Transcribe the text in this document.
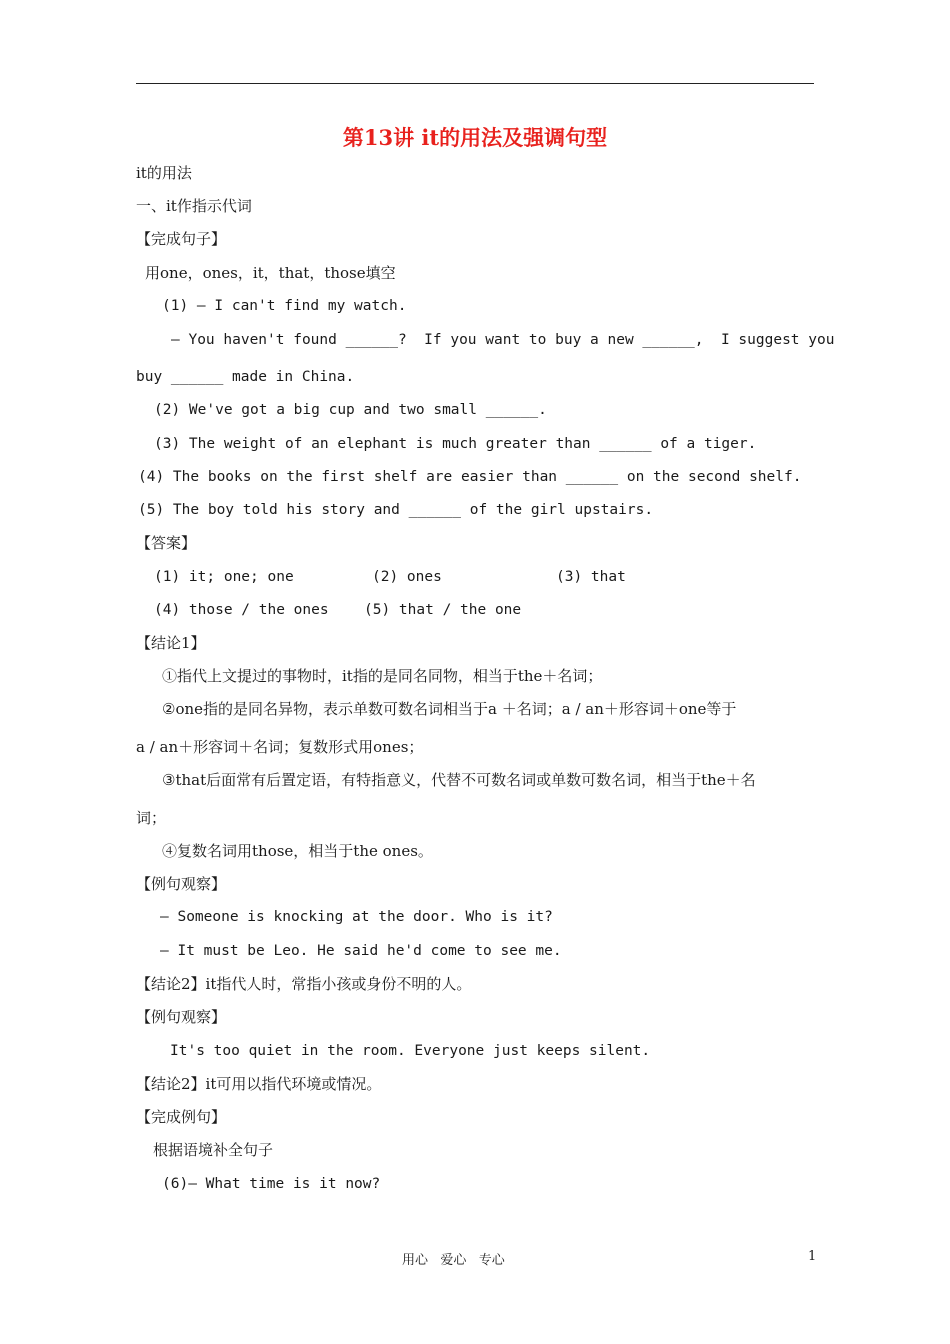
第13讲 it的用法及强调句型
it的用法
一、it作指示代词
【完成句子】
用one，ones，it，that，those填空
(1) — I can't find my watch.
— You haven't found ______?  If you want to buy a new ______,  I suggest you
buy ______ made in China.
(2) We've got a big cup and two small ______.
(3) The weight of an elephant is much greater than ______ of a tiger.
(4) The books on the first shelf are easier than ______ on the second shelf.
(5) The boy told his story and ______ of the girl upstairs.
【答案】
(1) it; one; one	(2) ones	(3) that
(4) those / the ones (5) that / the one
【结论1】
①指代上文提过的事物时，it指的是同名同物，相当于the＋名词；
②one指的是同名异物，表示单数可数名词相当于a ＋名词；a / an＋形容词＋one等于
a / an＋形容词＋名词；复数形式用ones；
③that后面常有后置定语，有特指意义，代替不可数名词或单数可数名词，相当于the＋名
词；
④复数名词用those，相当于the ones。
【例句观察】
— Someone is knocking at the door. Who is it?
— It must be Leo. He said he'd come to see me.
【结论2】it指代人时，常指小孩或身份不明的人。
【例句观察】
It's too quiet in the room. Everyone just keeps silent.
【结论2】it可用以指代环境或情况。
【完成例句】
根据语境补全句子
(6)— What time is it now?
用心   爱心   专心	1
